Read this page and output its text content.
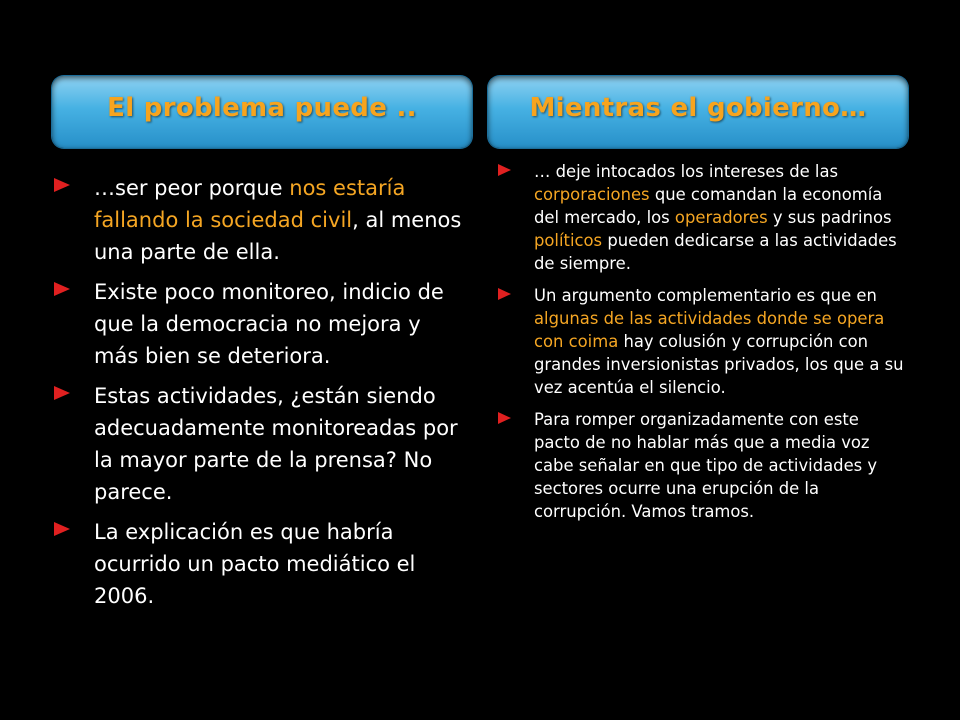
El problema puede ..	Mientras el gobierno…
…ser peor porque nos estaría fallando la sociedad civil, al menos una parte de ella.
Existe poco monitoreo, indicio de que la democracia no mejora y más bien se deteriora.
Estas actividades, ¿están siendo adecuadamente monitoreadas por la mayor parte de la prensa? No parece.
La explicación es que habría ocurrido un pacto mediático el 2006.
… deje intocados los intereses de las corporaciones que comandan la economía del mercado, los operadores y sus padrinos políticos pueden dedicarse a las actividades de siempre.
Un argumento complementario es que en algunas de las actividades donde se opera con coima hay colusión y corrupción con grandes inversionistas privados, los que a su vez acentúa el silencio.
Para romper organizadamente con este pacto de no hablar más que a media voz cabe señalar en que tipo de actividades y sectores ocurre una erupción de la corrupción. Vamos tramos.
